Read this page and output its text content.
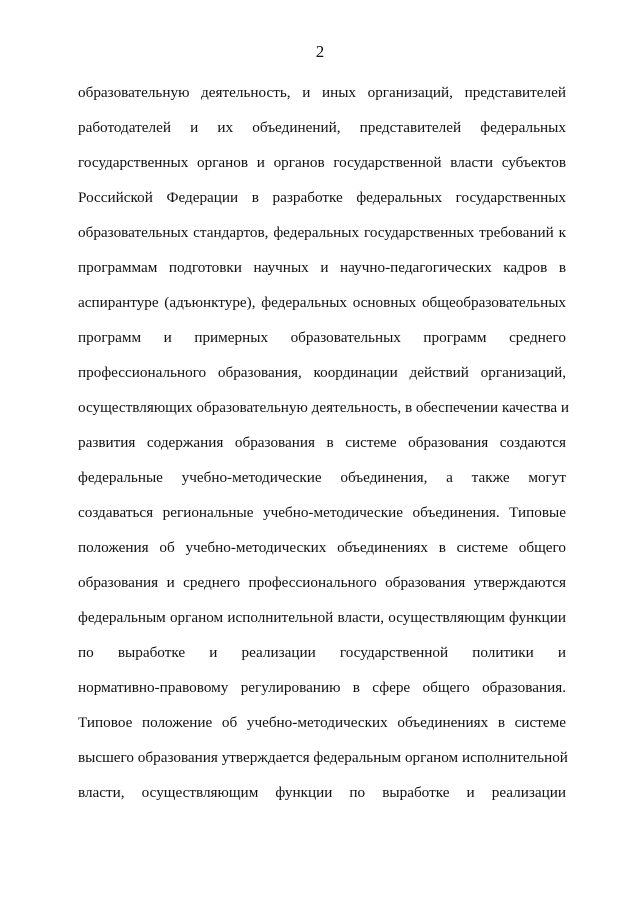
2
образовательную деятельность, и иных организаций, представителей
работодателей и их объединений, представителей федеральных
государственных органов и органов государственной власти субъектов
Российской Федерации в разработке федеральных государственных
образовательных стандартов, федеральных государственных требований к
программам подготовки научных и научно-педагогических кадров в
аспирантуре (адъюнктуре), федеральных основных общеобразовательных
программ и примерных образовательных программ среднего
профессионального образования, координации действий организаций,
осуществляющих образовательную деятельность, в обеспечении качества и
развития содержания образования в системе образования создаются
федеральные учебно-методические объединения, а также могут
создаваться региональные учебно-методические объединения. Типовые
положения об учебно-методических объединениях в системе общего
образования и среднего профессионального образования утверждаются
федеральным органом исполнительной власти, осуществляющим функции
по выработке и реализации государственной политики и
нормативно-правовому регулированию в сфере общего образования.
Типовое положение об учебно-методических объединениях в системе
высшего образования утверждается федеральным органом исполнительной
власти, осуществляющим функции по выработке и реализации
